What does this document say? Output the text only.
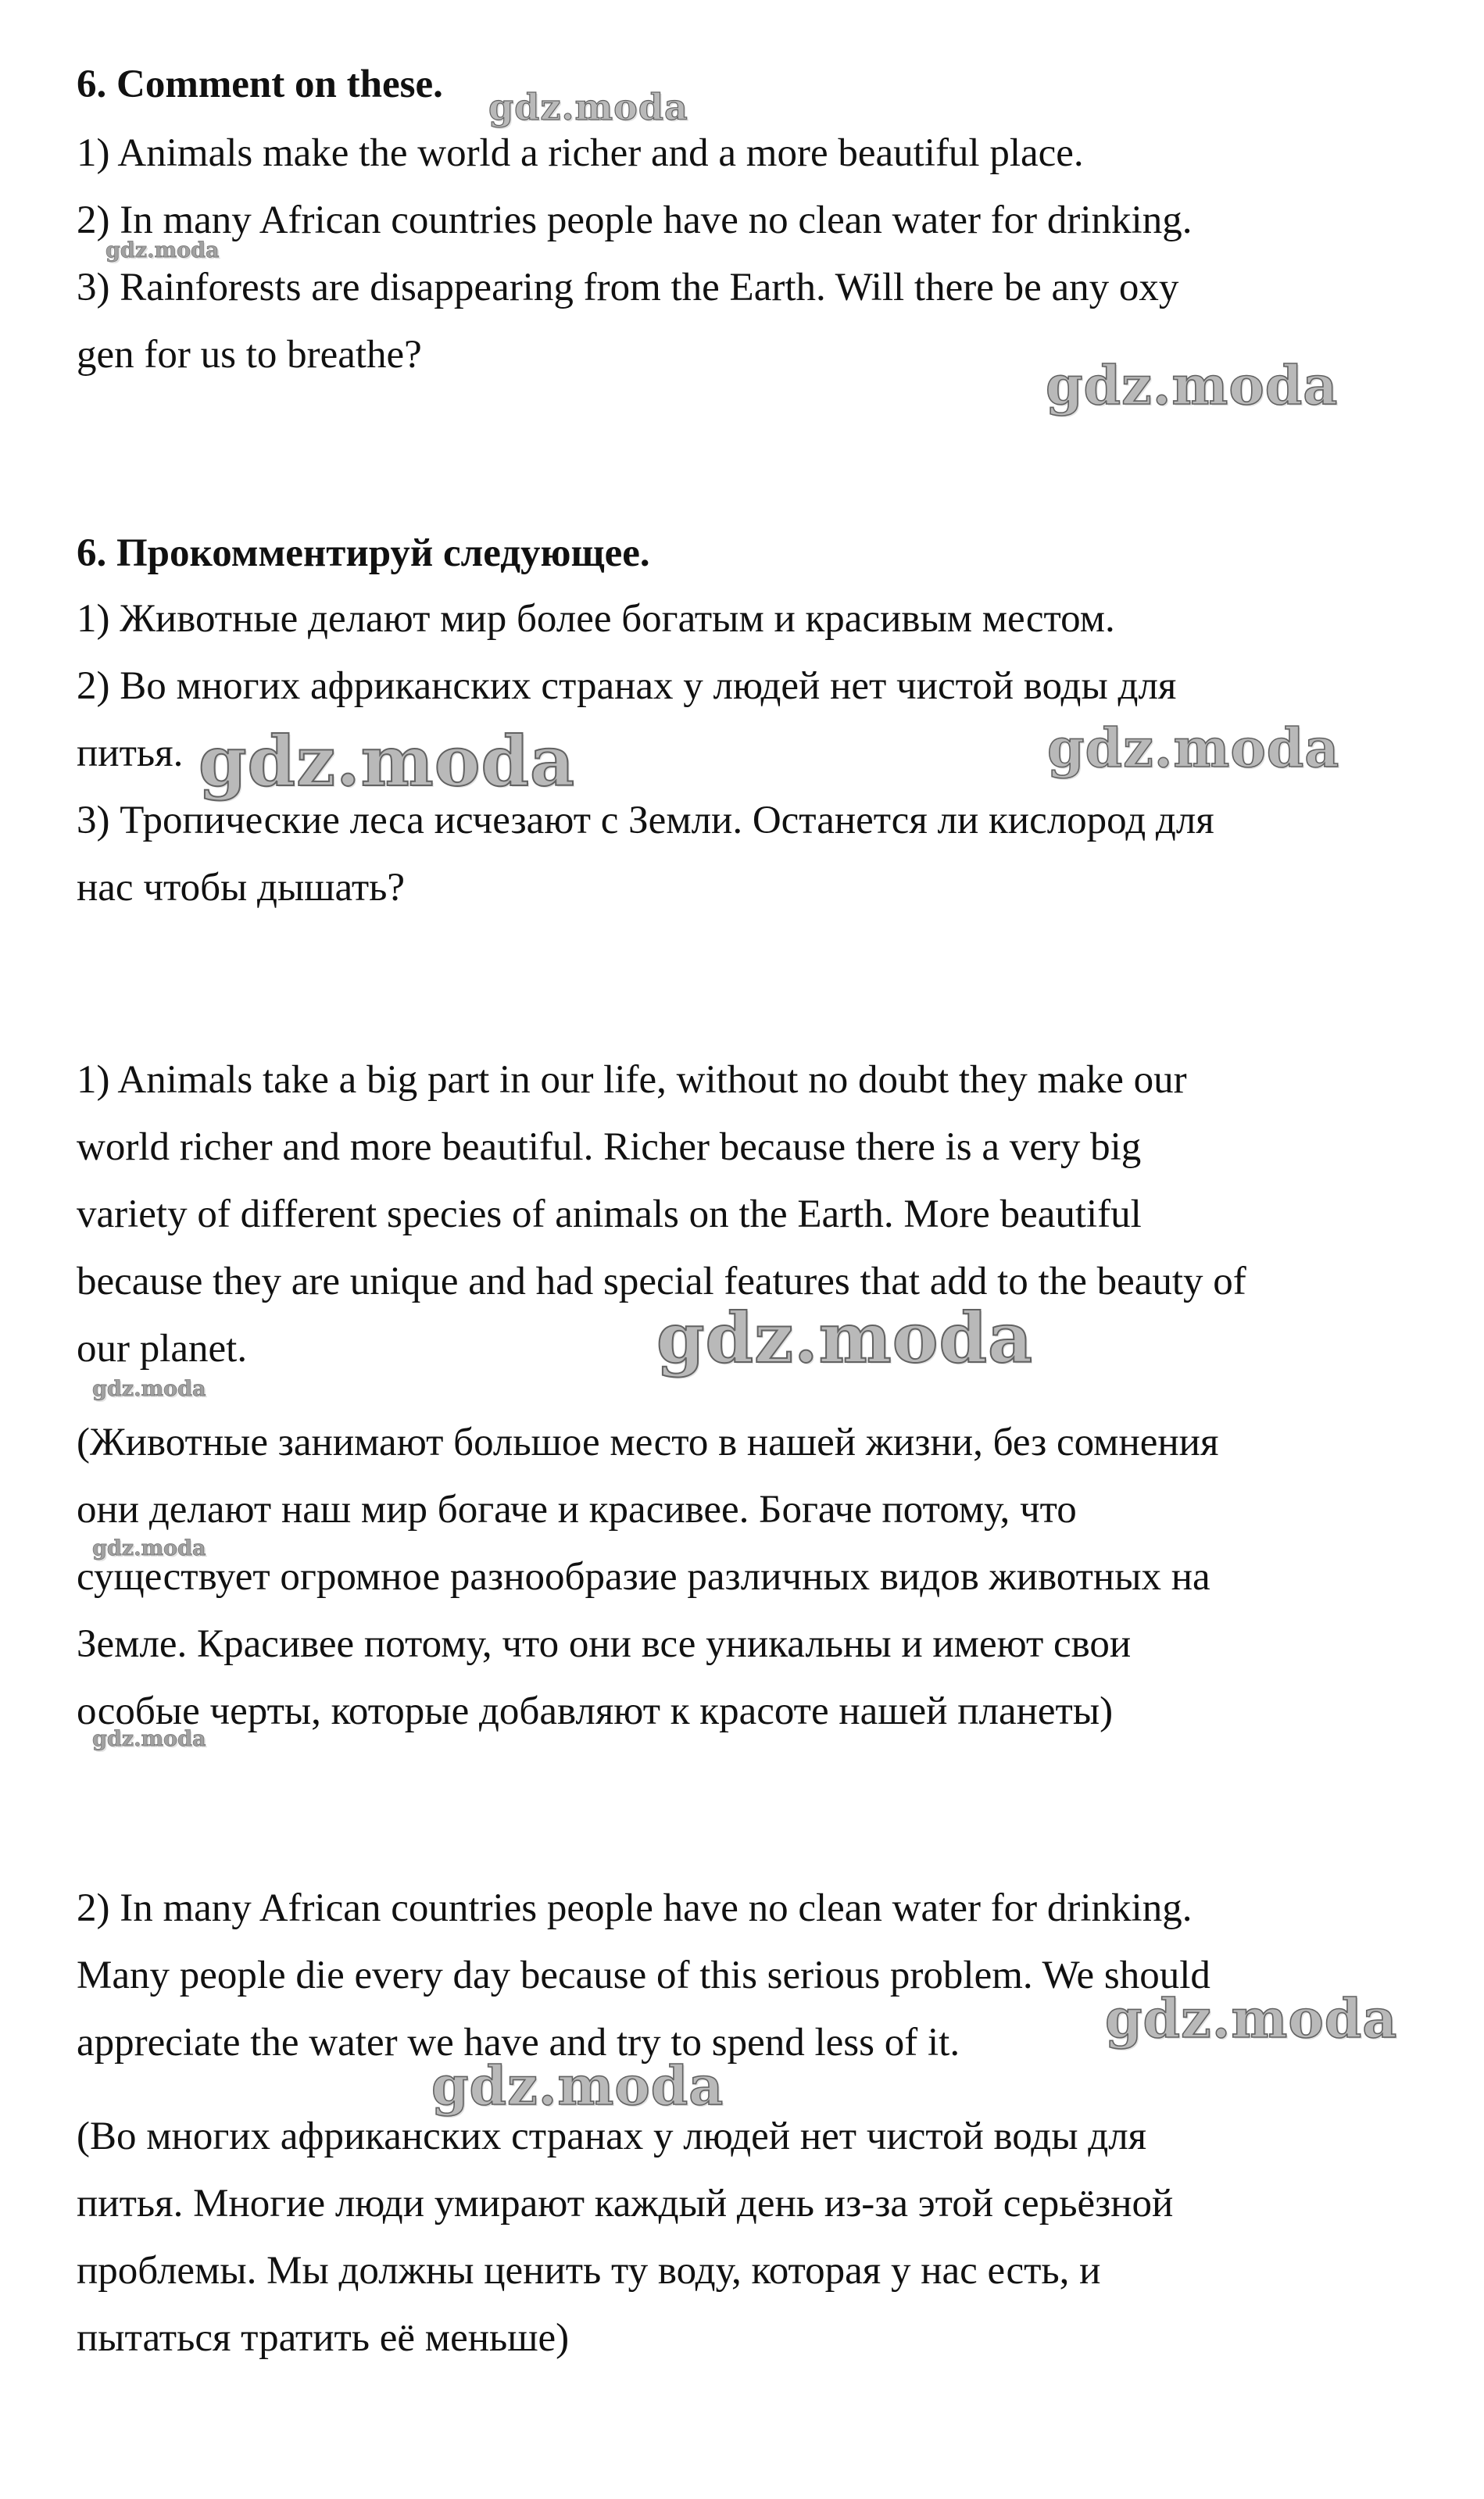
6. Comment on these.

1) Animals make the world a richer and a more beautiful place.

2) In many African countries people have no clean water for drinking.

3) Rainforests are disappearing from the Earth. Will there be any oxy

gen for us to breathe?

6. Прокомментируй следующее.

1) Животные делают мир более богатым и красивым местом.

2) Во многих африканских странах у людей нет чистой воды для

питья.

3) Тропические леса исчезают с Земли. Останется ли кислород для

нас чтобы дышать?

1) Animals take a big part in our life, without no doubt they make our

world richer and more beautiful. Richer because there is a very big

variety of different species of animals on the Earth. More beautiful

because they are unique and had special features that add to the beauty of

our planet.

(Животные занимают большое место в нашей жизни, без сомнения

они делают наш мир богаче и красивее. Богаче потому, что

существует огромное разнообразие различных видов животных на

Земле. Красивее потому, что они все уникальны и имеют свои

особые черты, которые добавляют к красоте нашей планеты)

2) In many African countries people have no clean water for drinking.

Many people die every day because of this serious problem. We should

appreciate the water we have and try to spend less of it.

(Во многих африканских странах у людей нет чистой воды для

питья. Многие люди умирают каждый день из-за этой серьёзной

проблемы. Мы должны ценить ту воду, которая у нас есть, и

пытаться тратить её меньше)

gdz.moda
gdz.moda
gdz.moda
gdz.moda	gdz.moda
gdz.moda
gdz.moda
gdz.moda
gdz.moda
gdz.moda
gdz.moda
